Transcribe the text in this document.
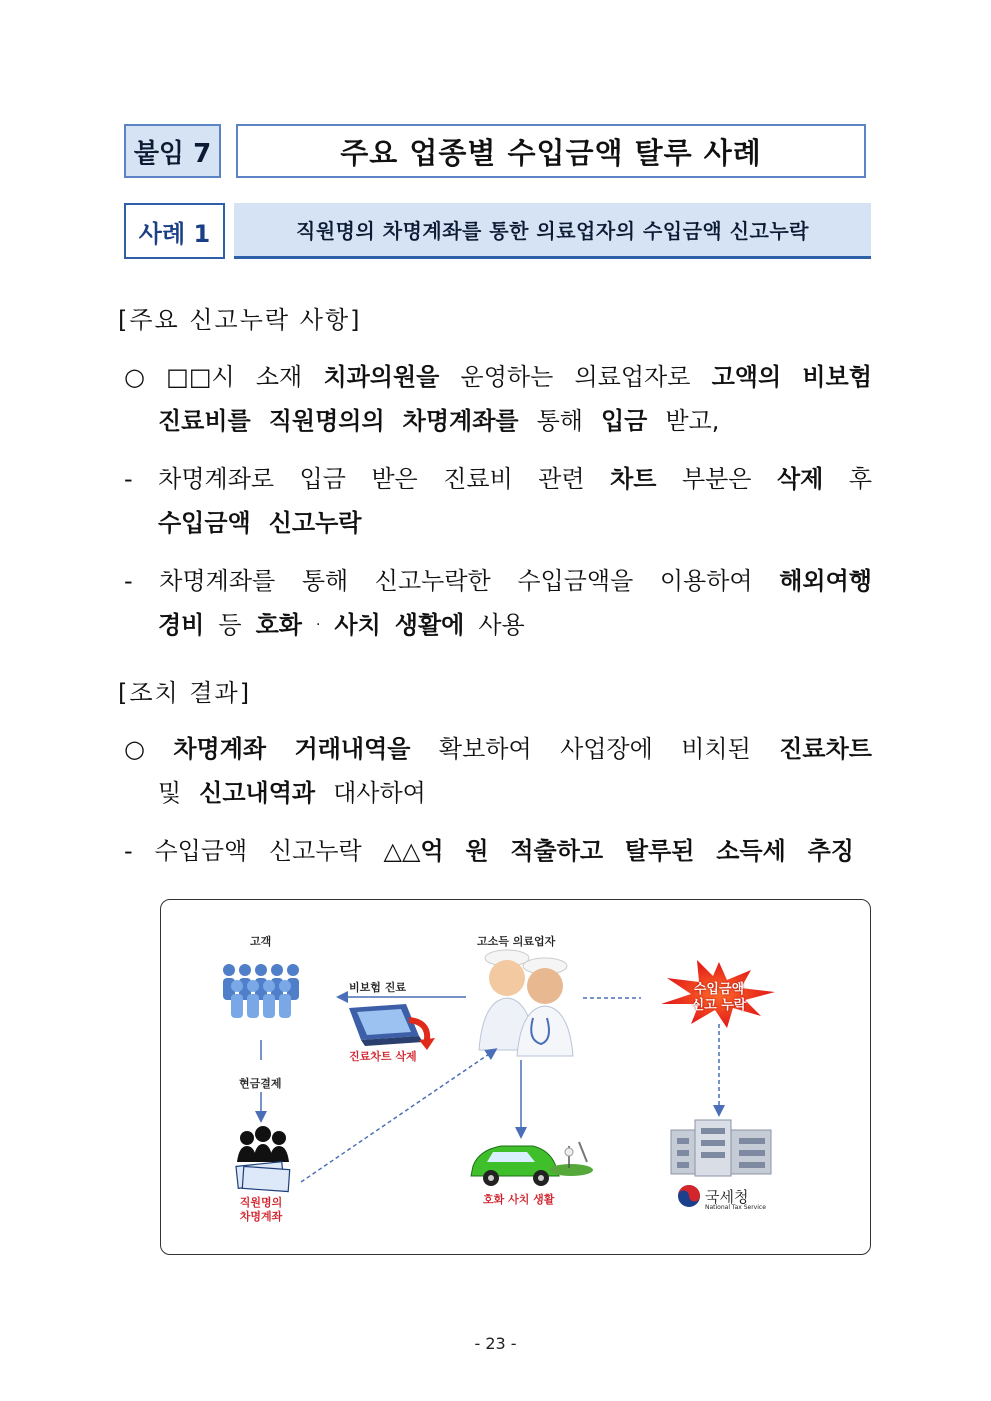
붙임 7	주요 업종별 수입금액 탈루 사례
사례 1	직원명의 차명계좌를 통한 의료업자의 수입금액 신고누락
[주요 신고누락 사항]
○ □□시 소재 치과의원을 운영하는 의료업자로 고액의 비보험
진료비를 직원명의의 차명계좌를 통해 입금 받고,
- 차명계좌로 입금 받은 진료비 관련 차트 부분은 삭제 후
수입금액 신고누락
- 차명계좌를 통해 신고누락한 수입금액을 이용하여 해외여행
경비 등 호화 · 사치 생활에 사용
[조치 결과]
○ 차명계좌 거래내역을 확보하여 사업장에 비치된 진료차트
및 신고내역과 대사하여
- 수입금액 신고누락 △△억 원 적출하고 탈루된 소득세 추징
고객	고소득 의료업자
비보험 진료
진료차트 삭제
현금결제
직원명의
차명계좌
호화 사치 생활
수입금액
신고 누락
국세청
National Tax Service
- 23 -
